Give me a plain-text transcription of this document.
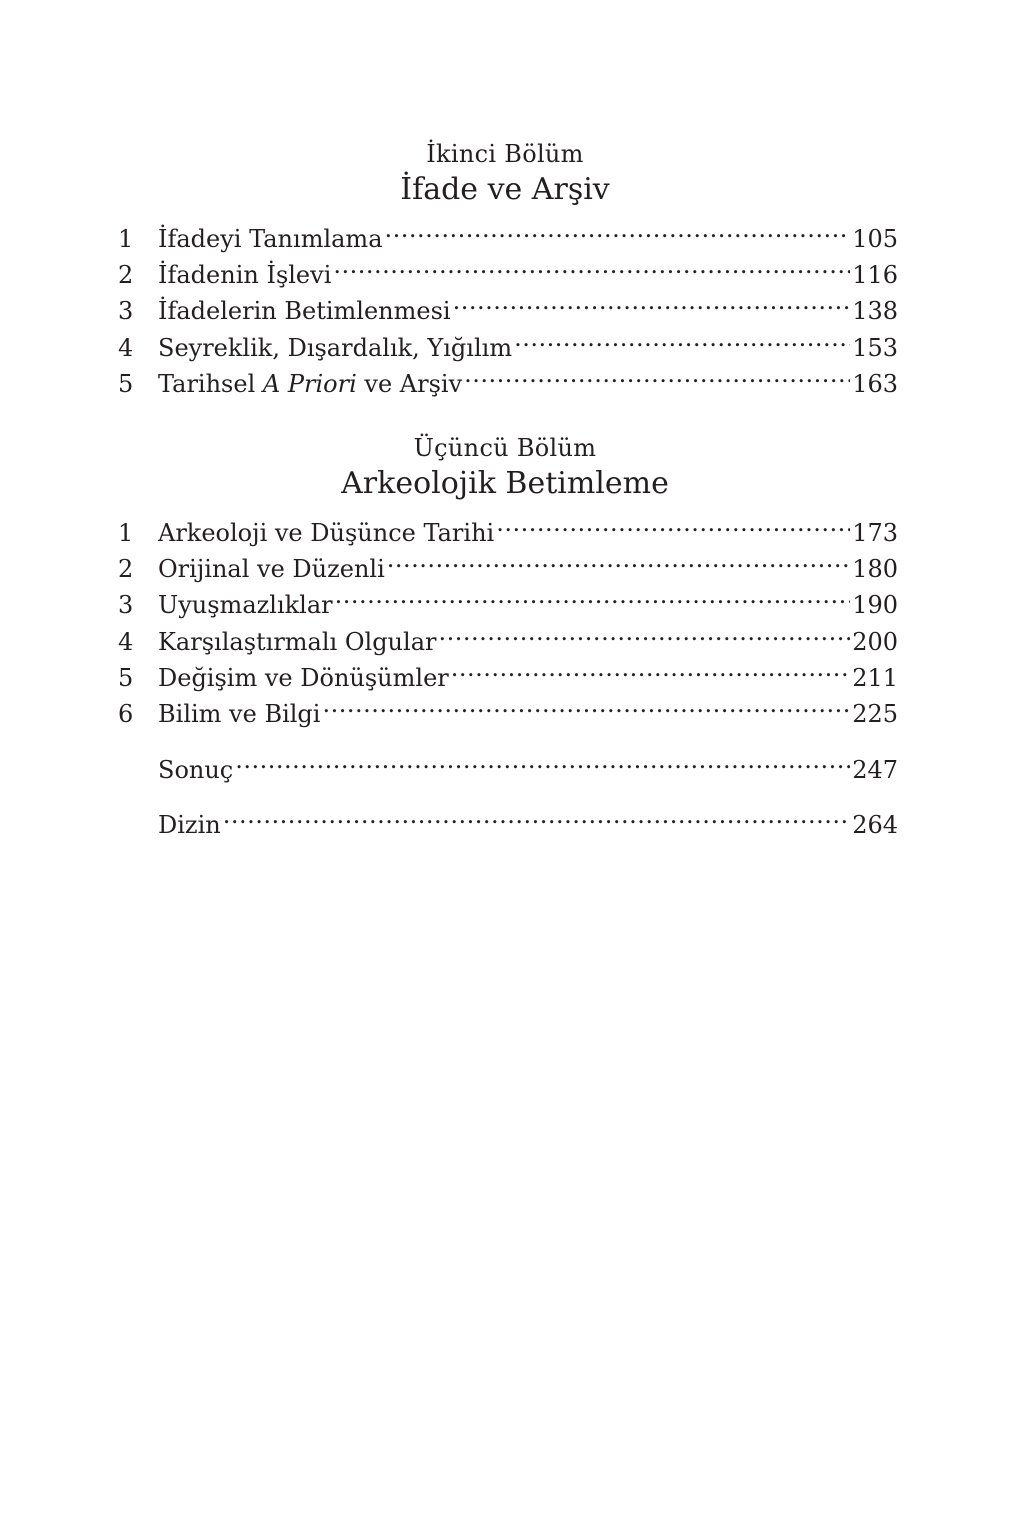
İkinci Bölüm
İfade ve Arşiv
1	İfadeyi Tanımlama .....	105
2	İfadenin İşlevi .....	116
3	İfadelerin Betimlenmesi .....	138
4	Seyreklik, Dışardalık, Yığılım .....	153
5	Tarihsel A Priori ve Arşiv .....	163
Üçüncü Bölüm
Arkeolojik Betimleme
1	Arkeoloji ve Düşünce Tarihi .....	173
2	Orijinal ve Düzenli .....	180
3	Uyuşmazlıklar .....	190
4	Karşılaştırmalı Olgular .....	200
5	Değişim ve Dönüşümler .....	211
6	Bilim ve Bilgi .....	225
Sonuç .....	247
Dizin .....	264
